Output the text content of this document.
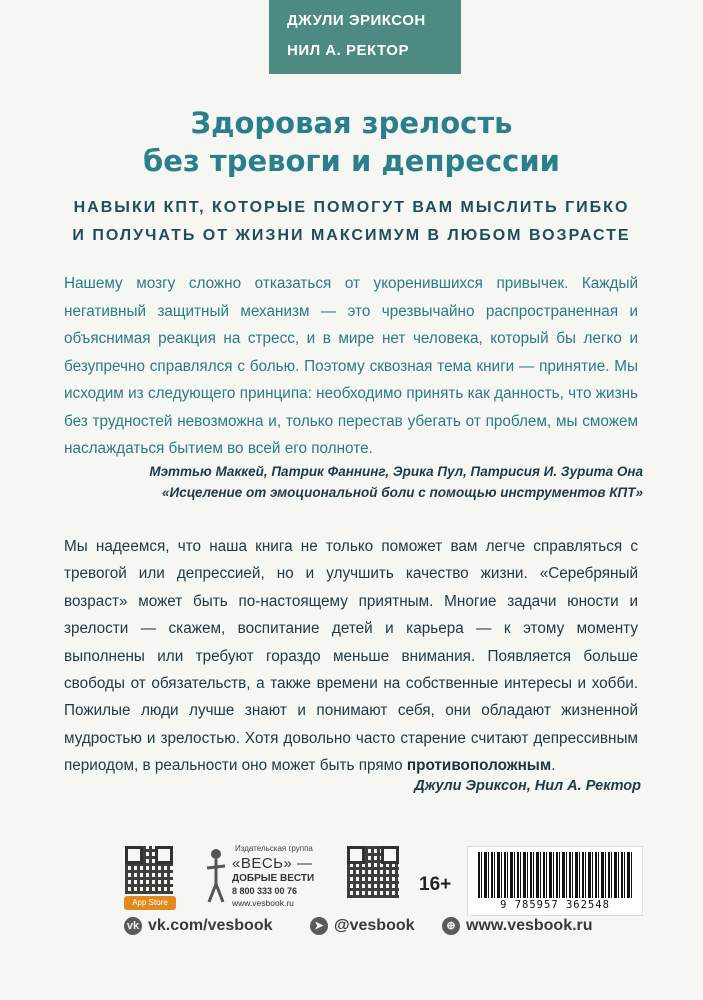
ДЖУЛИ ЭРИКСОН
НИЛ А. РЕКТОР
Здоровая зрелость
без тревоги и депрессии
НАВЫКИ КПТ, КОТОРЫЕ ПОМОГУТ ВАМ МЫСЛИТЬ ГИБКО
И ПОЛУЧАТЬ ОТ ЖИЗНИ МАКСИМУМ В ЛЮБОМ ВОЗРАСТЕ
Нашему мозгу сложно отказаться от укоренившихся привычек. Каждый негативный защитный механизм — это чрезвычайно распространенная и объяснимая реакция на стресс, и в мире нет человека, который бы легко и безупречно справлялся с болью. Поэтому сквозная тема книги — принятие. Мы исходим из следующего принципа: необходимо принять как данность, что жизнь без трудностей невозможна и, только перестав убегать от проблем, мы сможем наслаждаться бытием во всей его полноте.
Мэттью Маккей, Патрик Фаннинг, Эрика Пул, Патрисия И. Зурита Она
«Исцеление от эмоциональной боли с помощью инструментов КПТ»
Мы надеемся, что наша книга не только поможет вам легче справляться с тревогой или депрессией, но и улучшить качество жизни. «Серебряный возраст» может быть по-настоящему приятным. Многие задачи юности и зрелости — скажем, воспитание детей и карьера — к этому моменту выполнены или требуют гораздо меньше внимания. Появляется больше свободы от обязательств, а также времени на собственные интересы и хобби. Пожилые люди лучше знают и понимают себя, они обладают жизненной мудростью и зрелостью. Хотя довольно часто старение считают депрессивным периодом, в реальности оно может быть прямо противоположным.
Джули Эриксон, Нил А. Ректор
App Store
Издательская группа
«ВЕСЬ» —
ДОБРЫЕ ВЕСТИ
8 800 333 00 76
www.vesbook.ru
16+
9 785957 362548
vk vk.com/vesbook	➤ @vesbook	⊕ www.vesbook.ru
